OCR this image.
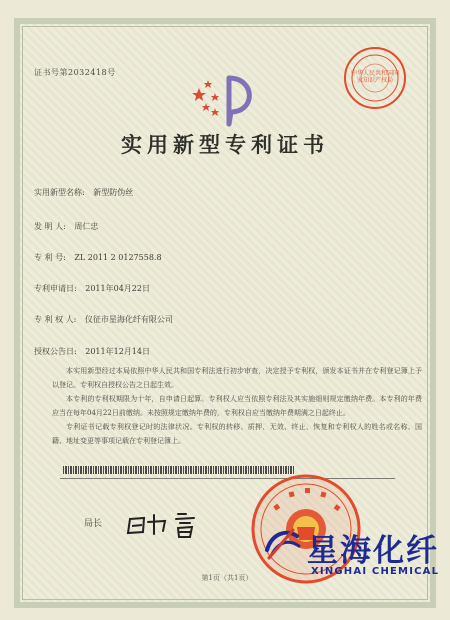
证书号第2032418号	中华人民共和国国家知识产权局
实用新型专利证书
实用新型名称: 新型防伪丝
发 明 人: 周仁忠
专 利 号: ZL 2011 2 0127558.8
专利申请日: 2011年04月22日
专 利 权 人: 仪征市星海化纤有限公司
授权公告日: 2011年12月14日

本实用新型经过本局依照中华人民共和国专利法进行初步审查，决定授予专利权，颁发本证书并在专利登记簿上予以登记。专利权自授权公告之日起生效。

本专利的专利权期限为十年，自申请日起算。专利权人应当依照专利法及其实施细则规定缴纳年费。本专利的年费应当在每年04月22日前缴纳。未按照规定缴纳年费的，专利权自应当缴纳年费期满之日起终止。

专利证书记载专利权登记时的法律状况。专利权的转移、质押、无效、终止、恢复和专利权人的姓名或名称、国籍、地址变更等事项记载在专利登记簿上。

局长
第1页（共1页）
星海化纤
XINGHAI CHEMICAL
